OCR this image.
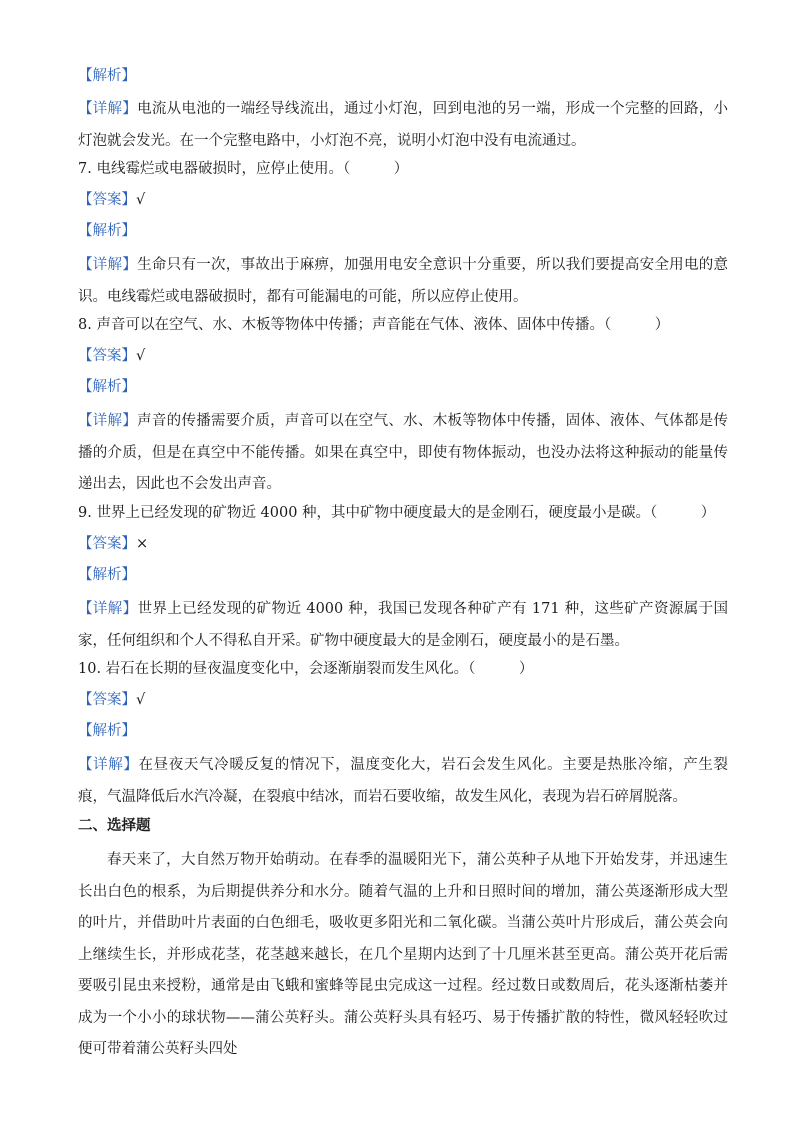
【解析】
【详解】电流从电池的一端经导线流出，通过小灯泡，回到电池的另一端，形成一个完整的回路，小灯泡就会发光。在一个完整电路中，小灯泡不亮，说明小灯泡中没有电流通过。
7. 电线霉烂或电器破损时，应停止使用。（　　　）
【答案】√
【解析】
【详解】生命只有一次，事故出于麻痹，加强用电安全意识十分重要，所以我们要提高安全用电的意识。电线霉烂或电器破损时，都有可能漏电的可能，所以应停止使用。
8. 声音可以在空气、水、木板等物体中传播；声音能在气体、液体、固体中传播。（　　　）
【答案】√
【解析】
【详解】声音的传播需要介质，声音可以在空气、水、木板等物体中传播，固体、液体、气体都是传播的介质，但是在真空中不能传播。如果在真空中，即使有物体振动，也没办法将这种振动的能量传递出去，因此也不会发出声音。
9. 世界上已经发现的矿物近 4000 种，其中矿物中硬度最大的是金刚石，硬度最小是碳。（　　　）
【答案】×
【解析】
【详解】世界上已经发现的矿物近 4000 种，我国已发现各种矿产有 171 种，这些矿产资源属于国家，任何组织和个人不得私自开采。矿物中硬度最大的是金刚石，硬度最小的是石墨。
10. 岩石在长期的昼夜温度变化中，会逐渐崩裂而发生风化。（　　　）
【答案】√
【解析】
【详解】在昼夜天气冷暖反复的情况下，温度变化大，岩石会发生风化。主要是热胀冷缩，产生裂痕，气温降低后水汽冷凝，在裂痕中结冰，而岩石要收缩，故发生风化，表现为岩石碎屑脱落。
二、选择题
春天来了，大自然万物开始萌动。在春季的温暖阳光下，蒲公英种子从地下开始发芽，并迅速生长出白色的根系，为后期提供养分和水分。随着气温的上升和日照时间的增加，蒲公英逐渐形成大型的叶片，并借助叶片表面的白色细毛，吸收更多阳光和二氧化碳。当蒲公英叶片形成后，蒲公英会向上继续生长，并形成花茎，花茎越来越长，在几个星期内达到了十几厘米甚至更高。蒲公英开花后需要吸引昆虫来授粉，通常是由飞蛾和蜜蜂等昆虫完成这一过程。经过数日或数周后，花头逐渐枯萎并成为一个小小的球状物——蒲公英籽头。蒲公英籽头具有轻巧、易于传播扩散的特性，微风轻轻吹过便可带着蒲公英籽头四处
